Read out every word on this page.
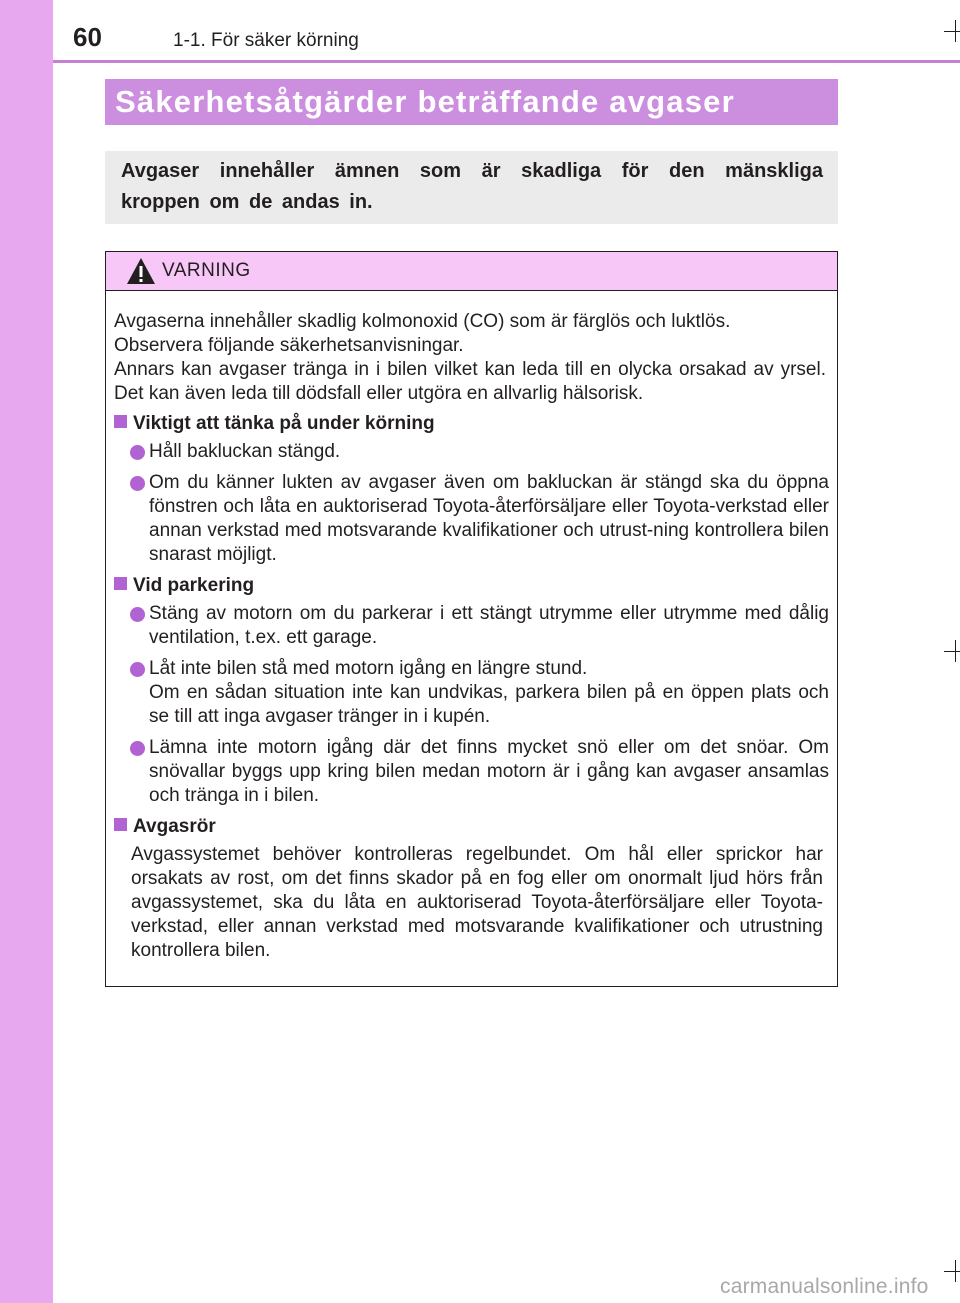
60	1-1. För säker körning
Säkerhetsåtgärder beträffande avgaser
Avgaser innehåller ämnen som är skadliga för den mänskliga kroppen om de andas in.
VARNING
Avgaserna innehåller skadlig kolmonoxid (CO) som är färglös och luktlös.
Observera följande säkerhetsanvisningar.
Annars kan avgaser tränga in i bilen vilket kan leda till en olycka orsakad av yrsel. Det kan även leda till dödsfall eller utgöra en allvarlig hälsorisk.
Viktigt att tänka på under körning
Håll bakluckan stängd.
Om du känner lukten av avgaser även om bakluckan är stängd ska du öppna fönstren och låta en auktoriserad Toyota-återförsäljare eller Toyota-verkstad eller annan verkstad med motsvarande kvalifikationer och utrust-ning kontrollera bilen snarast möjligt.
Vid parkering
Stäng av motorn om du parkerar i ett stängt utrymme eller utrymme med dålig ventilation, t.ex. ett garage.
Låt inte bilen stå med motorn igång en längre stund.
Om en sådan situation inte kan undvikas, parkera bilen på en öppen plats och se till att inga avgaser tränger in i kupén.
Lämna inte motorn igång där det finns mycket snö eller om det snöar. Om snövallar byggs upp kring bilen medan motorn är i gång kan avgaser ansamlas och tränga in i bilen.
Avgasrör
Avgassystemet behöver kontrolleras regelbundet. Om hål eller sprickor har orsakats av rost, om det finns skador på en fog eller om onormalt ljud hörs från avgassystemet, ska du låta en auktoriserad Toyota-återförsäljare eller Toyota-verkstad, eller annan verkstad med motsvarande kvalifikationer och utrustning kontrollera bilen.
carmanualsonline.info
